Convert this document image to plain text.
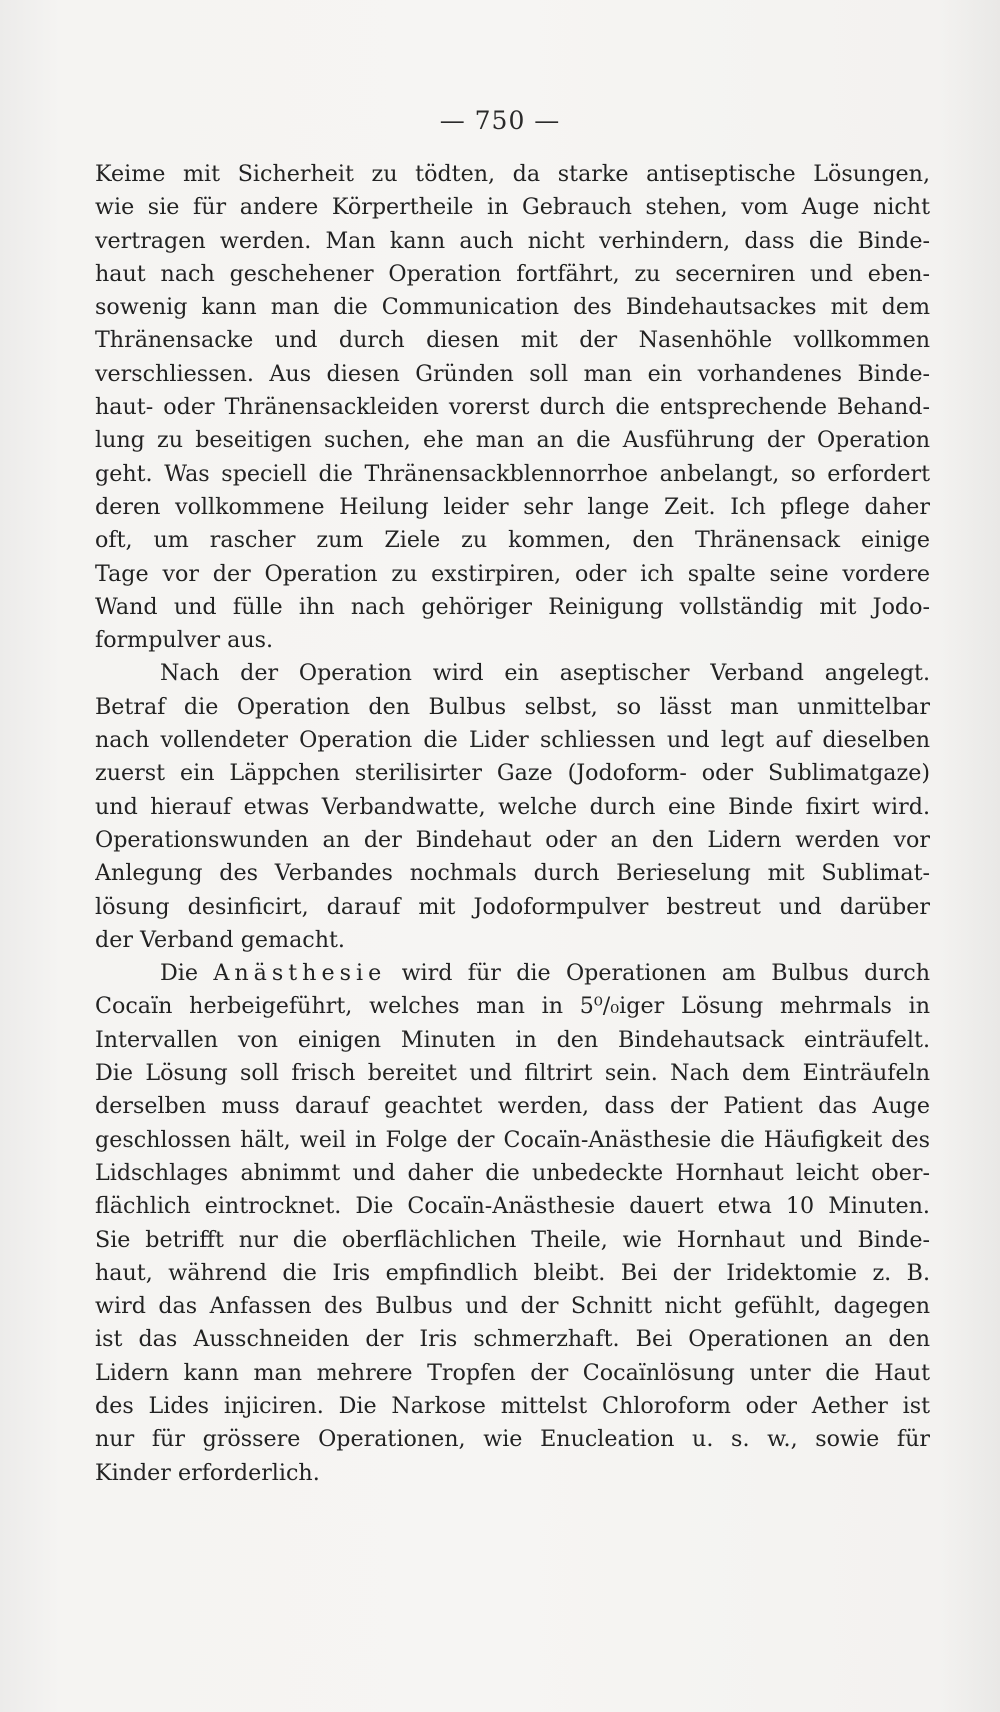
— 750 —
Keime mit Sicherheit zu tödten, da starke antiseptische Lösungen,
wie sie für andere Körpertheile in Gebrauch stehen, vom Auge nicht
vertragen werden. Man kann auch nicht verhindern, dass die Binde-
haut nach geschehener Operation fortfährt, zu secerniren und eben-
sowenig kann man die Communication des Bindehautsackes mit dem
Thränensacke und durch diesen mit der Nasenhöhle vollkommen
verschliessen. Aus diesen Gründen soll man ein vorhandenes Binde-
haut- oder Thränensackleiden vorerst durch die entsprechende Behand-
lung zu beseitigen suchen, ehe man an die Ausführung der Operation
geht. Was speciell die Thränensackblennorrhoe anbelangt, so erfordert
deren vollkommene Heilung leider sehr lange Zeit. Ich pflege daher
oft, um rascher zum Ziele zu kommen, den Thränensack einige
Tage vor der Operation zu exstirpiren, oder ich spalte seine vordere
Wand und fülle ihn nach gehöriger Reinigung vollständig mit Jodo-
formpulver aus.
Nach der Operation wird ein aseptischer Verband angelegt.
Betraf die Operation den Bulbus selbst, so lässt man unmittelbar
nach vollendeter Operation die Lider schliessen und legt auf dieselben
zuerst ein Läppchen sterilisirter Gaze (Jodoform- oder Sublimatgaze)
und hierauf etwas Verbandwatte, welche durch eine Binde fixirt wird.
Operationswunden an der Bindehaut oder an den Lidern werden vor
Anlegung des Verbandes nochmals durch Berieselung mit Sublimat-
lösung desinficirt, darauf mit Jodoformpulver bestreut und darüber
der Verband gemacht.
Die Anästhesie wird für die Operationen am Bulbus durch
Cocaïn herbeigeführt, welches man in 5⁰/₀iger Lösung mehrmals in
Intervallen von einigen Minuten in den Bindehautsack einträufelt.
Die Lösung soll frisch bereitet und filtrirt sein. Nach dem Einträufeln
derselben muss darauf geachtet werden, dass der Patient das Auge
geschlossen hält, weil in Folge der Cocaïn-Anästhesie die Häufigkeit des
Lidschlages abnimmt und daher die unbedeckte Hornhaut leicht ober-
flächlich eintrocknet. Die Cocaïn-Anästhesie dauert etwa 10 Minuten.
Sie betrifft nur die oberflächlichen Theile, wie Hornhaut und Binde-
haut, während die Iris empfindlich bleibt. Bei der Iridektomie z. B.
wird das Anfassen des Bulbus und der Schnitt nicht gefühlt, dagegen
ist das Ausschneiden der Iris schmerzhaft. Bei Operationen an den
Lidern kann man mehrere Tropfen der Cocaïnlösung unter die Haut
des Lides injiciren. Die Narkose mittelst Chloroform oder Aether ist
nur für grössere Operationen, wie Enucleation u. s. w., sowie für
Kinder erforderlich.
